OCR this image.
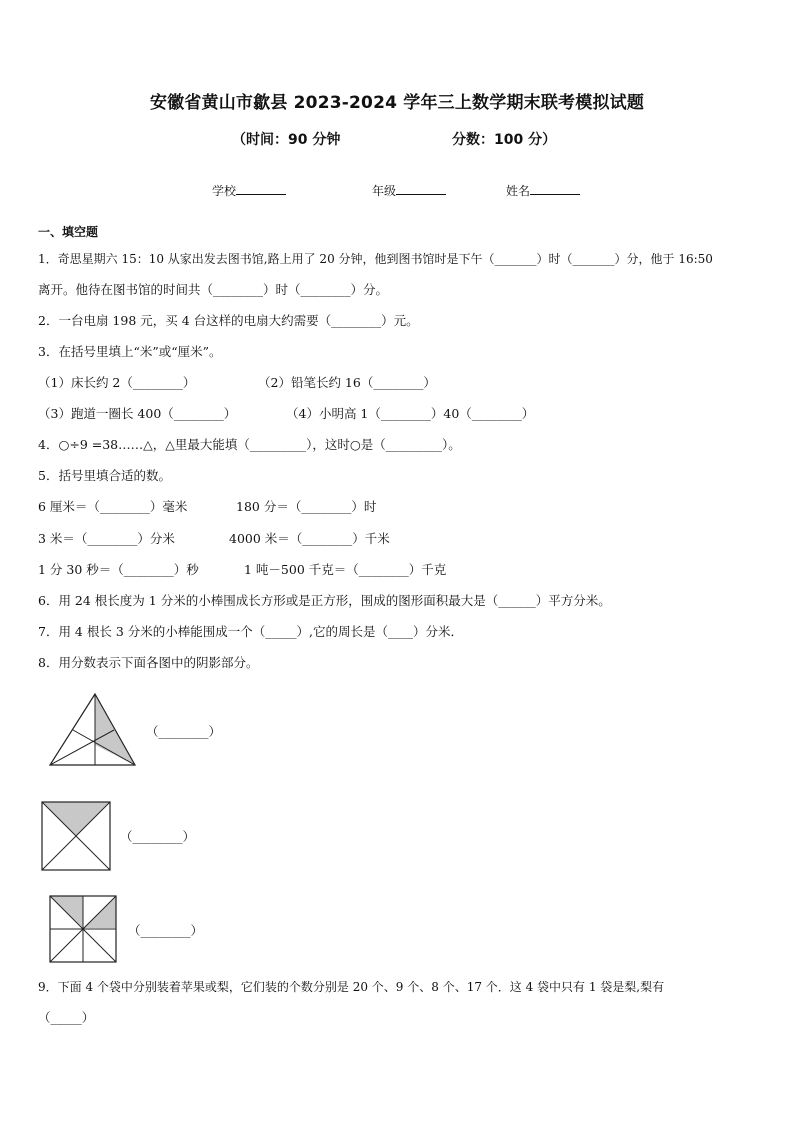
安徽省黄山市歙县 2023-2024 学年三上数学期末联考模拟试题
（时间：90 分钟	分数：100 分）
学校	年级	姓名
一、填空题
1．奇思星期六 15：10 从家出发去图书馆,路上用了 20 分钟，他到图书馆时是下午（_______）时（_______）分，他于 16:50
离开。他待在图书馆的时间共（________）时（________）分。
2．一台电扇 198 元，买 4 台这样的电扇大约需要（________）元。
3．在括号里填上“米”或“厘米”。
（1）床长约 2（________）	（2）铅笔长约 16（________）
（3）跑道一圈长 400（________）	（4）小明高 1（________）40（________）
4．○÷9 =38……△，△里最大能填（_________），这时○是（_________）。
5．括号里填合适的数。
6 厘米＝（________）毫米	180 分＝（________）时
3 米＝（________）分米	4000 米＝（________）千米
1 分 30 秒＝（________）秒	1 吨－500 千克＝（________）千克
6．用 24 根长度为 1 分米的小棒围成长方形或是正方形，围成的图形面积最大是（______）平方分米。
7．用 4 根长 3 分米的小棒能围成一个（_____）,它的周长是（____）分米．
8．用分数表示下面各图中的阴影部分。
（________）
（________）
（________）
9．下面 4 个袋中分别装着苹果或梨，它们装的个数分别是 20 个、9 个、8 个、17 个．这 4 袋中只有 1 袋是梨,梨有
（_____）
